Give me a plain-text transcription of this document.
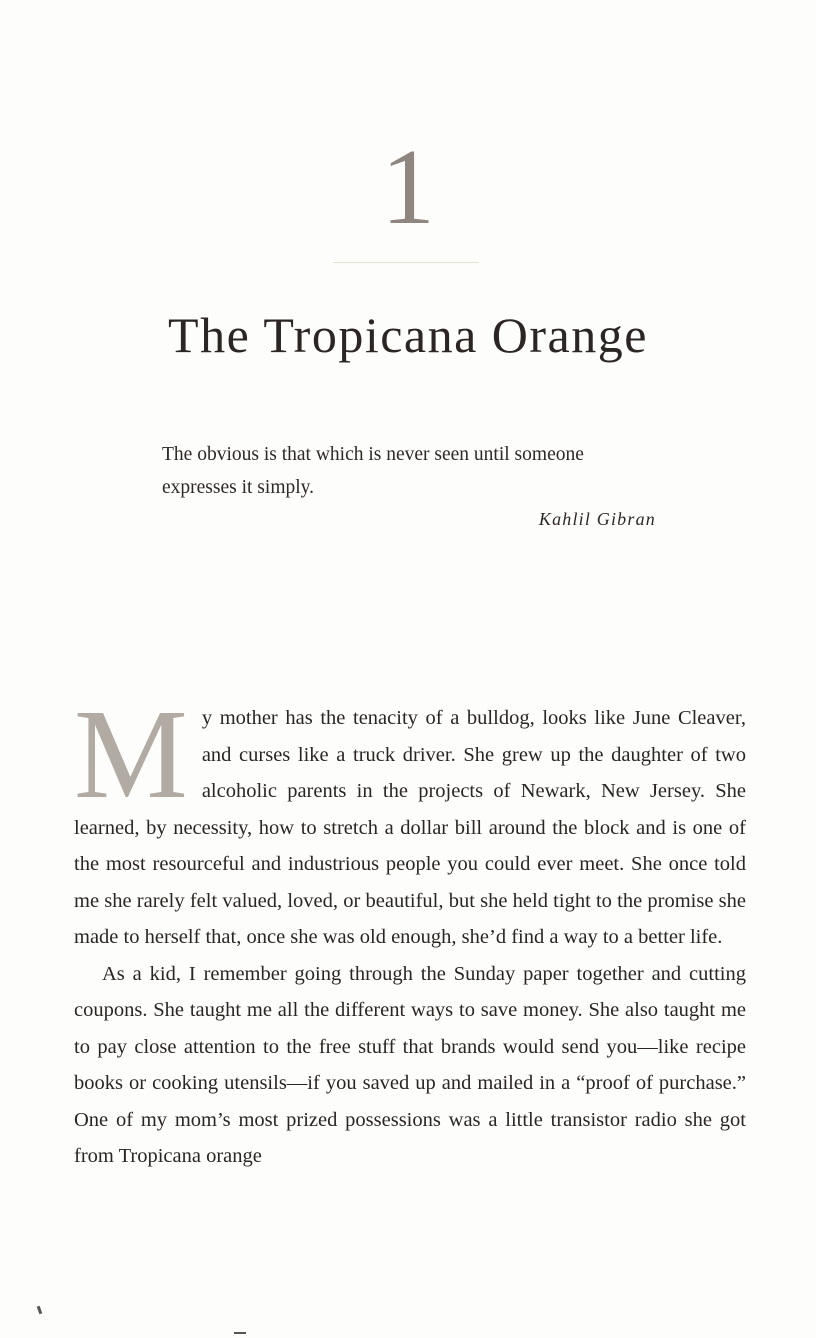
1
The Tropicana Orange
The obvious is that which is never seen until someone expresses it simply.
Kahlil Gibran

My mother has the tenacity of a bulldog, looks like June Cleaver, and curses like a truck driver. She grew up the daughter of two alcoholic parents in the projects of Newark, New Jersey. She learned, by necessity, how to stretch a dollar bill around the block and is one of the most resourceful and industrious people you could ever meet. She once told me she rarely felt valued, loved, or beautiful, but she held tight to the promise she made to herself that, once she was old enough, she’d find a way to a better life.

As a kid, I remember going through the Sunday paper together and cutting coupons. She taught me all the different ways to save money. She also taught me to pay close attention to the free stuff that brands would send you—like recipe books or cooking utensils—if you saved up and mailed in a “proof of purchase.” One of my mom’s most prized possessions was a little transistor radio she got from Tropicana orange
